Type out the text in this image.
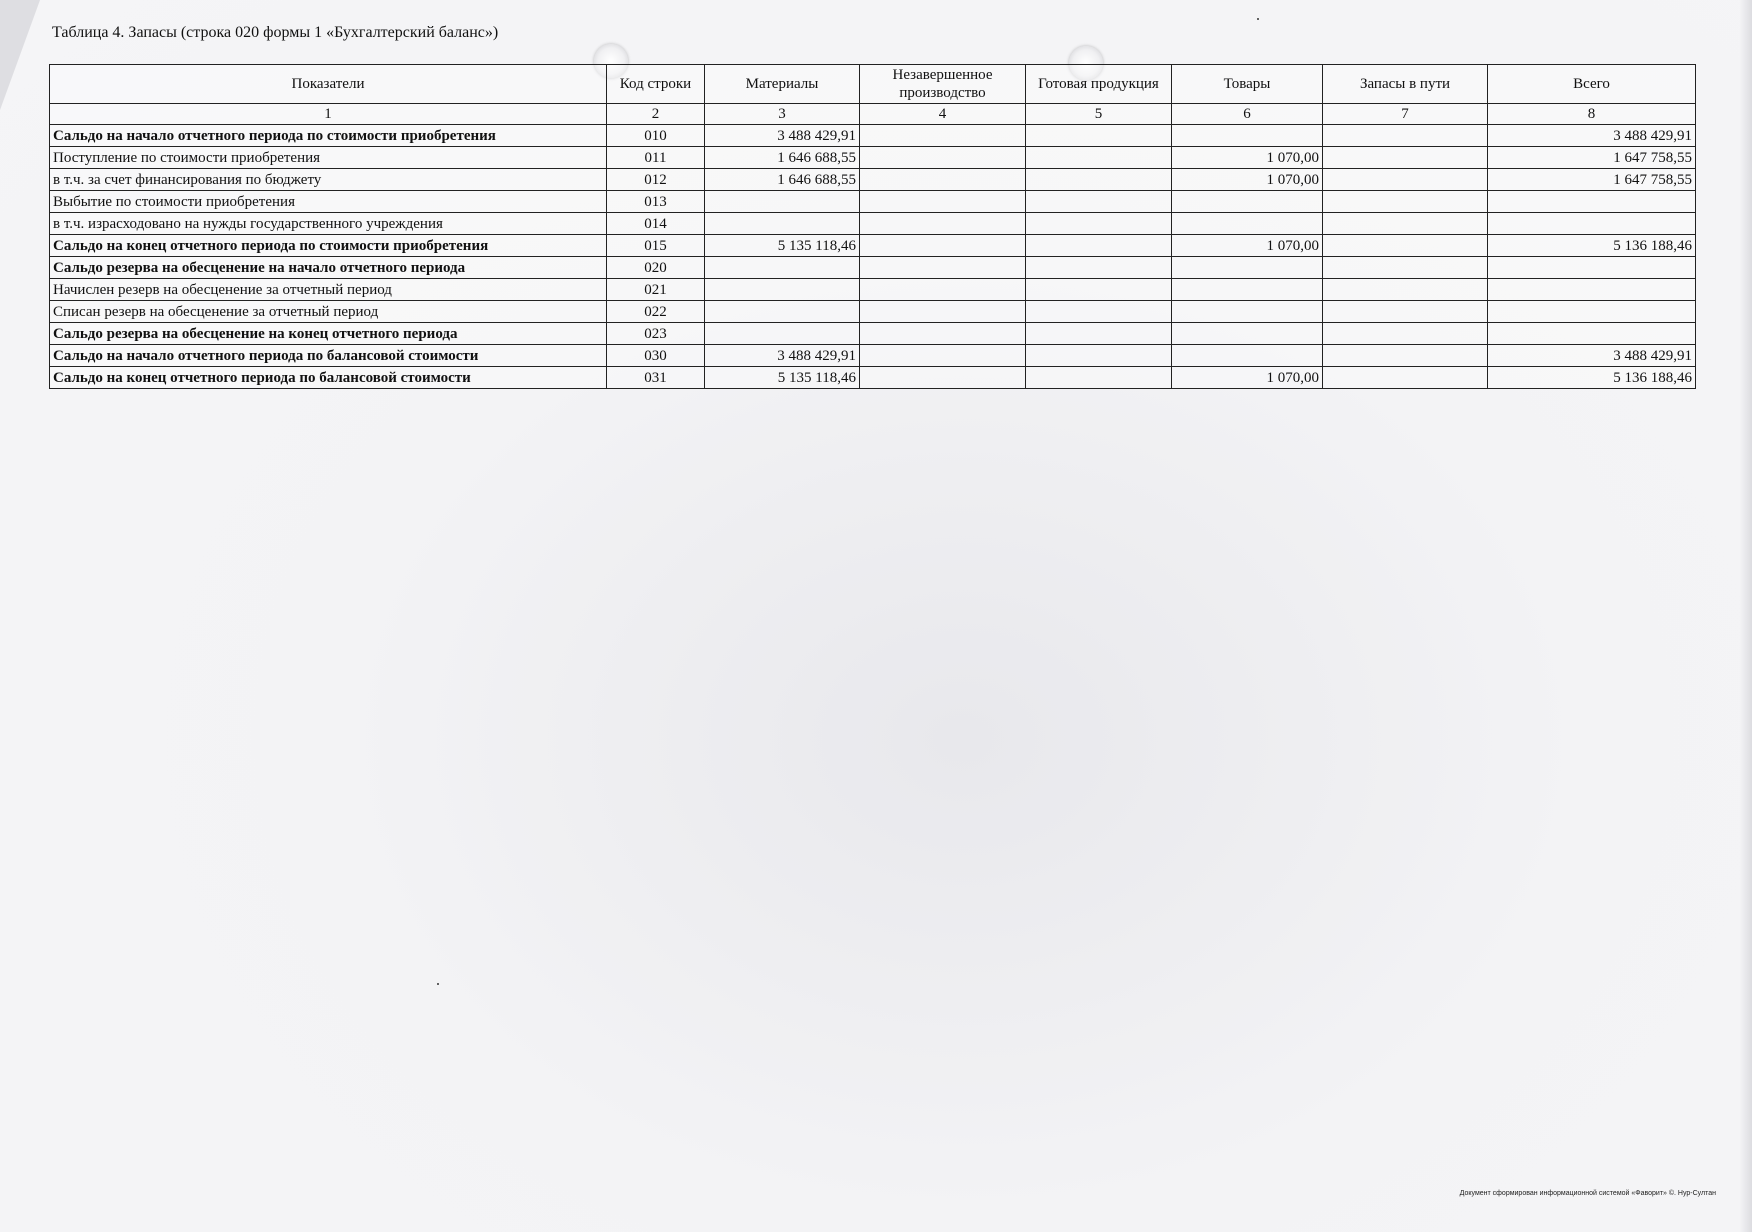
Таблица 4. Запасы (строка 020 формы 1 «Бухгалтерский баланс»)
Показатели	Код строки	Материалы	Незавершенное производство	Готовая продукция	Товары	Запасы в пути	Всего
1	2	3	4	5	6	7	8
Сальдо на начало отчетного периода по стоимости приобретения	010	3 488 429,91					3 488 429,91
Поступление по стоимости приобретения	011	1 646 688,55			1 070,00		1 647 758,55
в т.ч. за счет финансирования по бюджету	012	1 646 688,55			1 070,00		1 647 758,55
Выбытие по стоимости приобретения	013						
в т.ч. израсходовано на нужды государственного учреждения	014						
Сальдо на конец отчетного периода по стоимости приобретения	015	5 135 118,46			1 070,00		5 136 188,46
Сальдо резерва на обесценение на начало отчетного периода	020						
Начислен резерв на обесценение за отчетный период	021						
Списан резерв на обесценение за отчетный период	022						
Сальдо резерва на обесценение на конец отчетного периода	023						
Сальдо на начало отчетного периода по балансовой стоимости	030	3 488 429,91					3 488 429,91
Сальдо на конец отчетного периода по балансовой стоимости	031	5 135 118,46			1 070,00		5 136 188,46
Документ сформирован информационной системой «Фаворит» ©. Нур-Султан
